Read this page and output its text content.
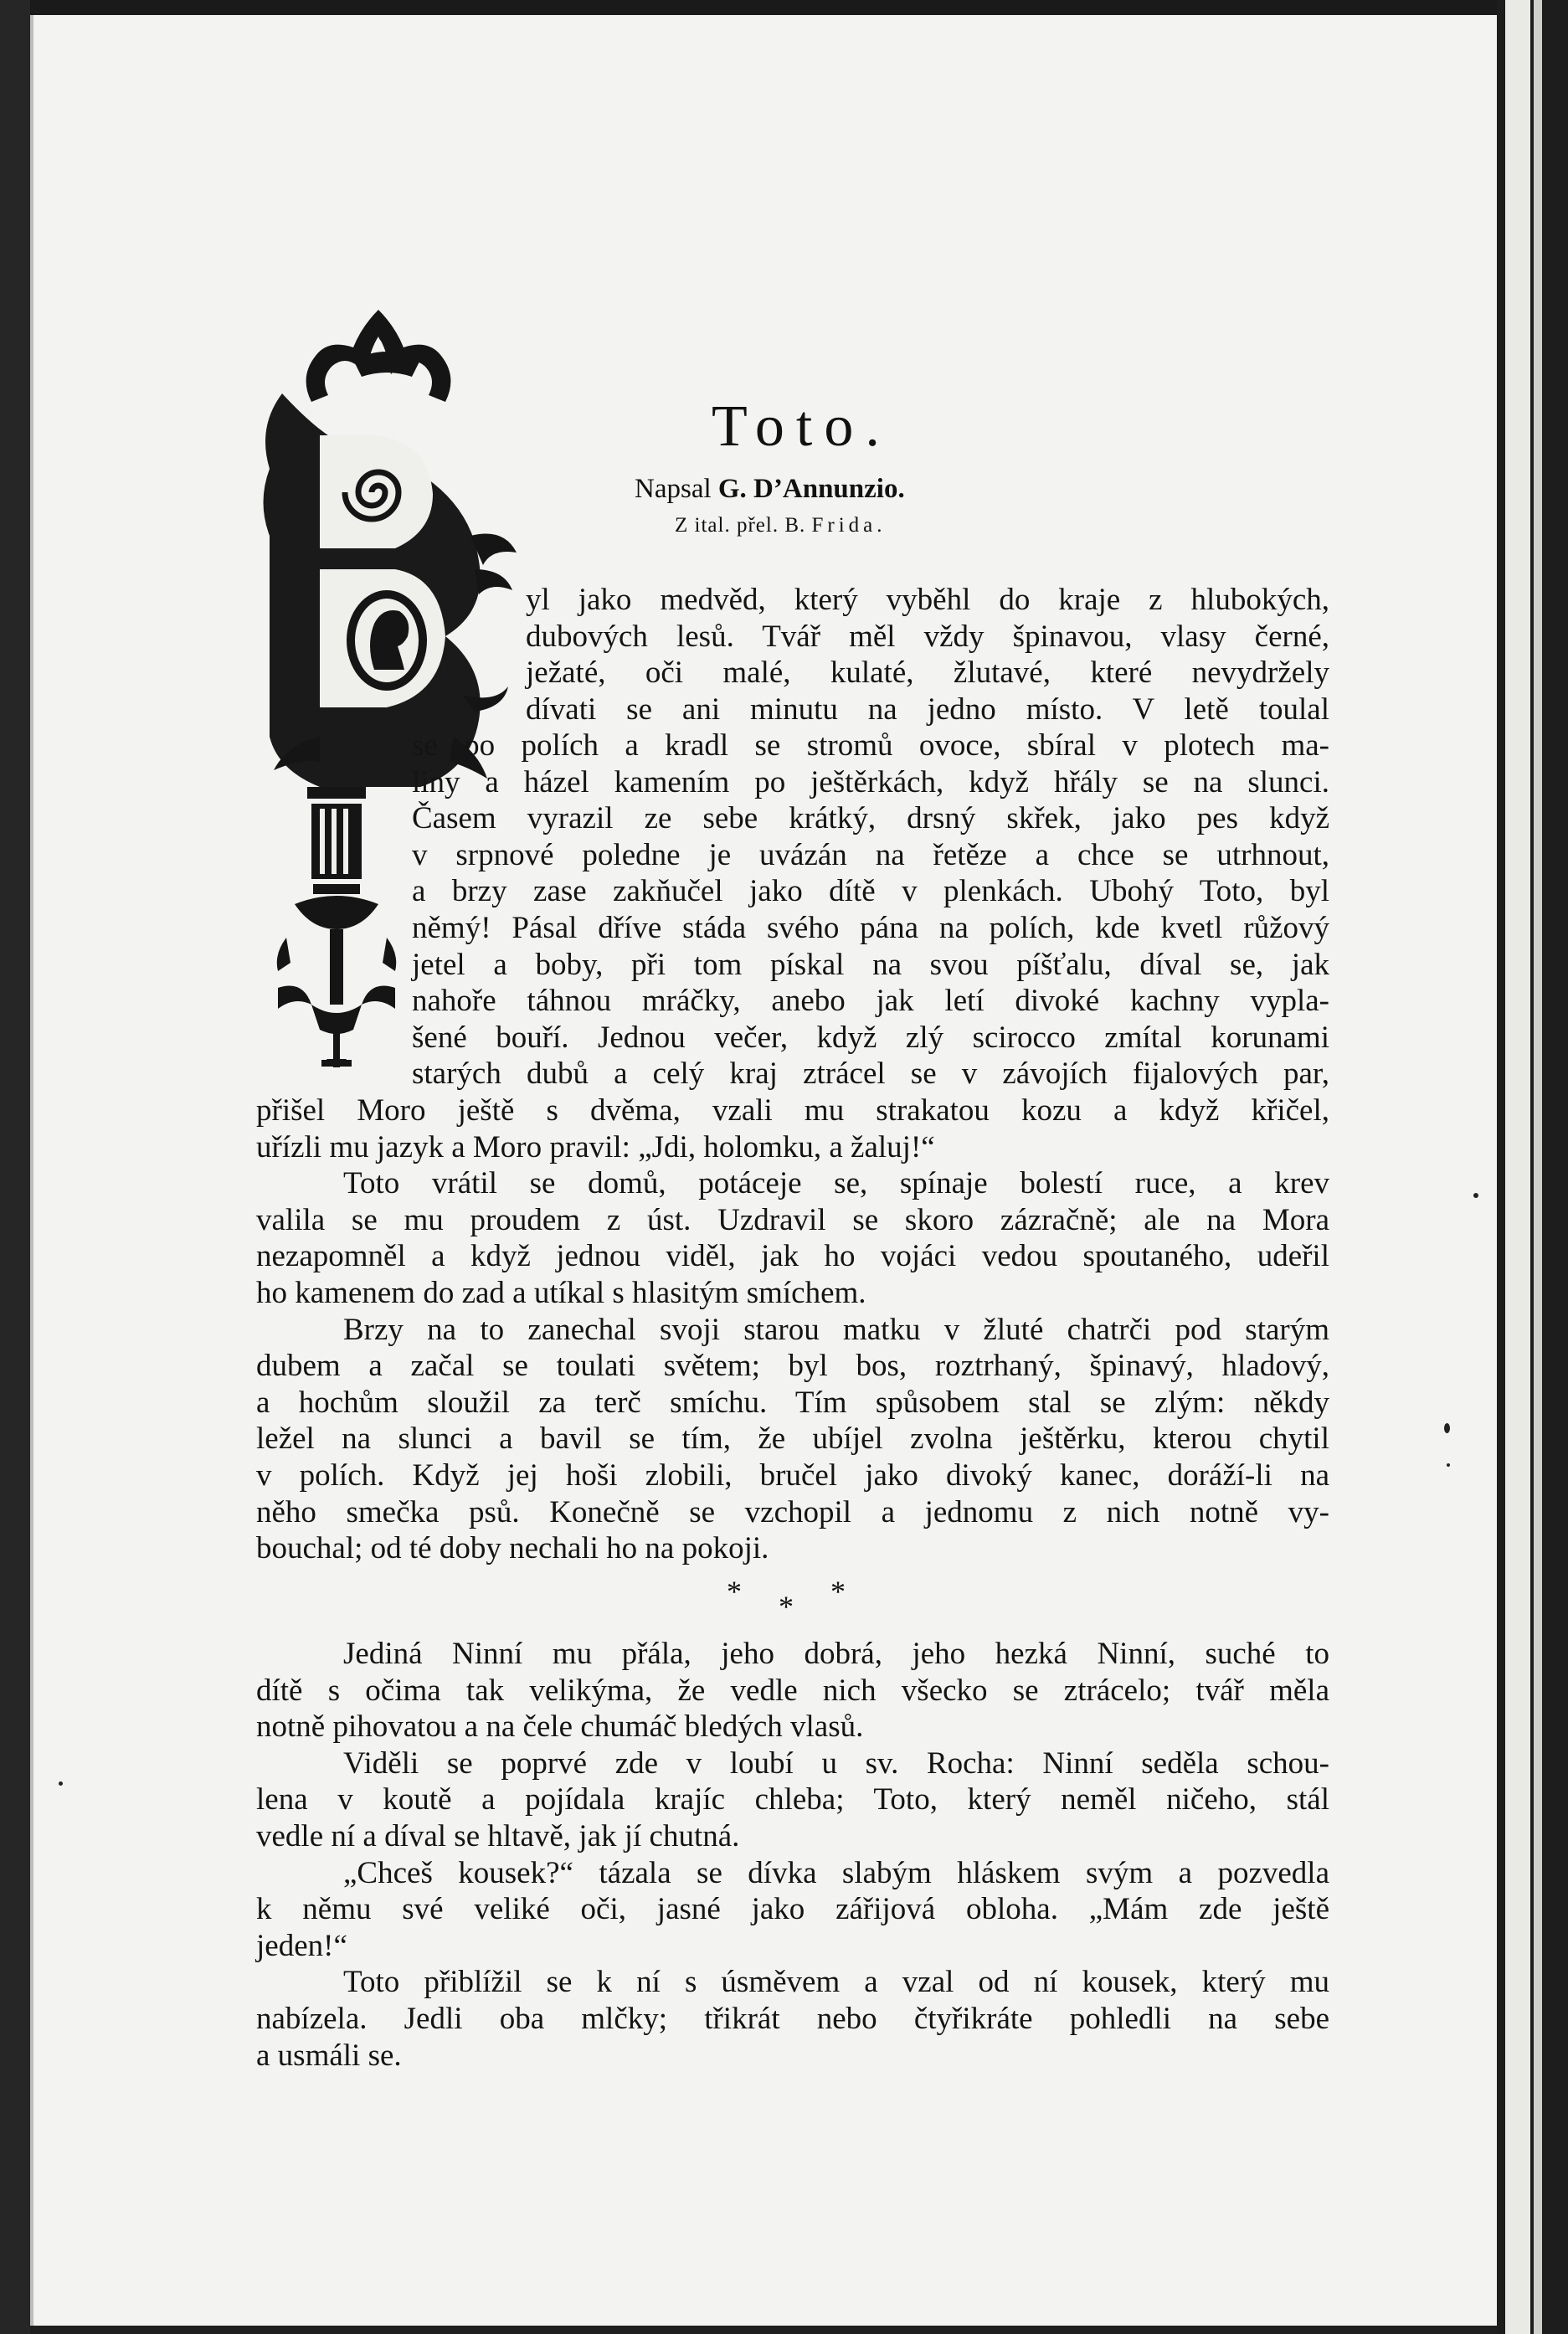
Toto.
Napsal G. D’Annunzio.
Z ital. přel. B. Frida.
yl jako medvěd, který vyběhl do kraje z hlubokých,
dubových lesů. Tvář měl vždy špinavou, vlasy černé,
ježaté, oči malé, kulaté, žlutavé, které nevydržely
dívati se ani minutu na jedno místo. V letě toulal
se po polích a kradl se stromů ovoce, sbíral v plotech ma-
liny a házel kamením po ještěrkách, když hřály se na slunci.
Časem vyrazil ze sebe krátký, drsný skřek, jako pes když
v srpnové poledne je uvázán na řetěze a chce se utrhnout,
a brzy zase zakňučel jako dítě v plenkách. Ubohý Toto, byl
němý! Pásal dříve stáda svého pána na polích, kde kvetl růžový
jetel a boby, při tom pískal na svou píšťalu, díval se, jak
nahoře táhnou mráčky, anebo jak letí divoké kachny vypla-
šené bouří. Jednou večer, když zlý scirocco zmítal korunami
starých dubů a celý kraj ztrácel se v závojích fijalových par,
přišel Moro ještě s dvěma, vzali mu strakatou kozu a když křičel,
uřízli mu jazyk a Moro pravil: „Jdi, holomku, a žaluj!“
Toto vrátil se domů, potáceje se, spínaje bolestí ruce, a krev
valila se mu proudem z úst. Uzdravil se skoro zázračně; ale na Mora
nezapomněl a když jednou viděl, jak ho vojáci vedou spoutaného, udeřil
ho kamenem do zad a utíkal s hlasitým smíchem.
Brzy na to zanechal svoji starou matku v žluté chatrči pod starým
dubem a začal se toulati světem; byl bos, roztrhaný, špinavý, hladový,
a hochům sloužil za terč smíchu. Tím spůsobem stal se zlým: někdy
ležel na slunci a bavil se tím, že ubíjel zvolna ještěrku, kterou chytil
v polích. Když jej hoši zlobili, bručel jako divoký kanec, doráží-li na
něho smečka psů. Konečně se vzchopil a jednomu z nich notně vy-
bouchal; od té doby nechali ho na pokoji.
* * *
Jediná Ninní mu přála, jeho dobrá, jeho hezká Ninní, suché to
dítě s očima tak velikýma, že vedle nich všecko se ztrácelo; tvář měla
notně pihovatou a na čele chumáč bledých vlasů.
Viděli se poprvé zde v loubí u sv. Rocha: Ninní seděla schou-
lena v koutě a pojídala krajíc chleba; Toto, který neměl ničeho, stál
vedle ní a díval se hltavě, jak jí chutná.
„Chceš kousek?“ tázala se dívka slabým hláskem svým a pozvedla
k němu své veliké oči, jasné jako zářijová obloha. „Mám zde ještě
jeden!“
Toto přiblížil se k ní s úsměvem a vzal od ní kousek, který mu
nabízela. Jedli oba mlčky; třikrát nebo čtyřikráte pohledli na sebe
a usmáli se.
